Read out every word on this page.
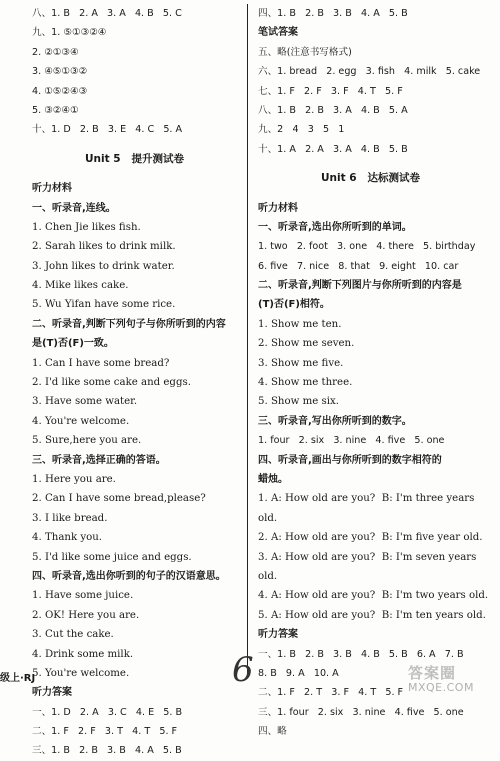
八、1. B   2. A   3. A   4. B   5. C
九、1. ⑤①③②④
2. ②①③④
3. ④⑤①③②
4. ①⑤②④③
5. ③②④①
十、1. D   2. B   3. E   4. C   5. A
Unit 5   提升测试卷
听力材料
一、听录音,连线。
1. Chen Jie likes fish.
2. Sarah likes to drink milk.
3. John likes to drink water.
4. Mike likes cake.
5. Wu Yifan have some rice.
二、听录音,判断下列句子与你所听到的内容
是(T)否(F)一致。
1. Can I have some bread?
2. I'd like some cake and eggs.
3. Have some water.
4. You're welcome.
5. Sure,here you are.
三、听录音,选择正确的答语。
1. Here you are.
2. Can I have some bread,please?
3. I like bread.
4. Thank you.
5. I'd like some juice and eggs.
四、听录音,选出你听到的句子的汉语意思。
1. Have some juice.
2. OK! Here you are.
3. Cut the cake.
4. Drink some milk.
5. You're welcome.
听力答案
一、1. D   2. A   3. C   4. E   5. B
二、1. F   2. F   3. T   4. T   5. F
三、1. B   2. B   3. B   4. A   5. B
四、1. B   2. B   3. B   4. A   5. B
笔试答案
五、略(注意书写格式)
六、1. bread   2. egg   3. fish   4. milk   5. cake
七、1. F   2. F   3. F   4. T   5. F
八、1. B   2. B   3. A   4. B   5. A
九、2   4   3   5   1
十、1. A   2. A   3. A   4. B   5. B
Unit 6   达标测试卷
听力材料
一、听录音,选出你所听到的单词。
1. two   2. foot   3. one   4. there   5. birthday
6. five   7. nice   8. that   9. eight   10. car
二、听录音,判断下列图片与你所听到的内容是
(T)否(F)相符。
1. Show me ten.
2. Show me seven.
3. Show me five.
4. Show me three.
5. Show me six.
三、听录音,写出你所听到的数字。
1. four   2. six   3. nine   4. five   5. one
四、听录音,画出与你所听到的数字相符的
蜡烛。
1. A: How old are you?  B: I'm three years
old.
2. A: How old are you?  B: I'm five year old.
3. A: How old are you?  B: I'm seven years
old.
4. A: How old are you?  B: I'm two years old.
5. A: How old are you?  B: I'm ten years old.
听力答案
一、1. B   2. B   3. B   4. B   5. B   6. A   7. B
8. B   9. A   10. A
二、1. F   2. T   3. F   4. T   5. F
三、1. four   2. six   3. nine   4. five   5. one
四、略
级上·RJ	6	答案圈
MXQE.COM
